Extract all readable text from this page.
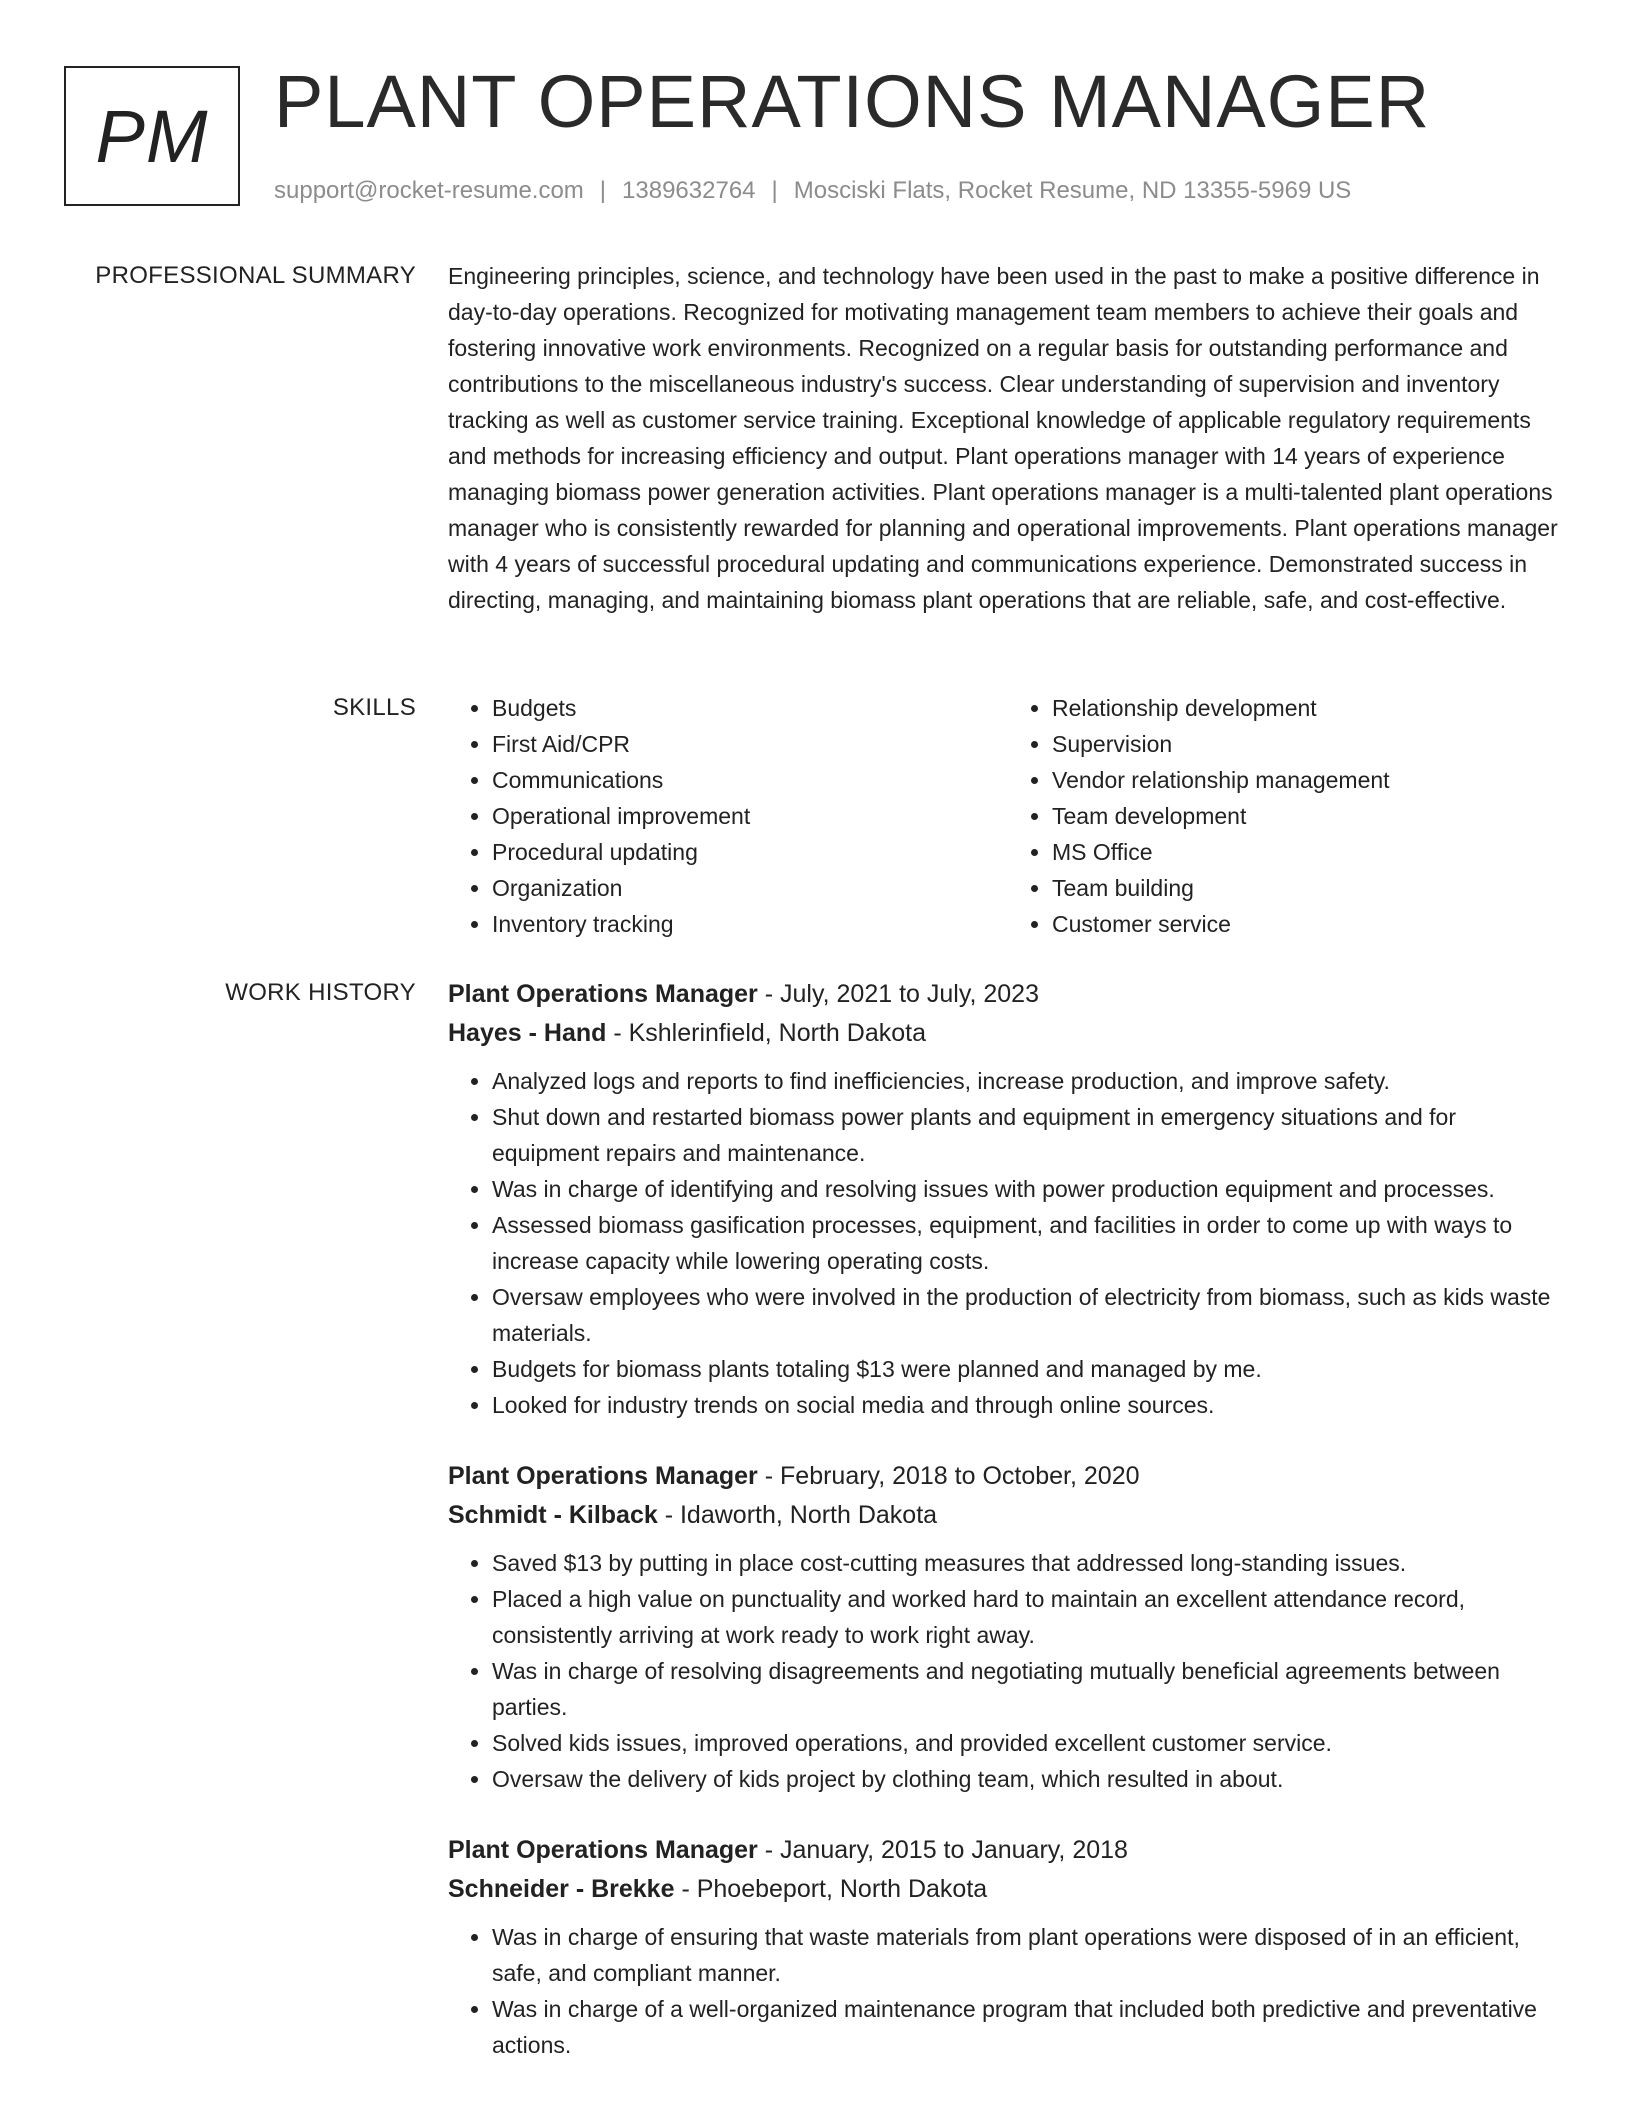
PM PLANT OPERATIONS MANAGER
support@rocket-resume.com | 1389632764 | Mosciski Flats, Rocket Resume, ND 13355-5969 US
PROFESSIONAL SUMMARY Engineering principles, science, and technology have been used in the past to make a positive difference in day-to-day operations. Recognized for motivating management team members to achieve their goals and fostering innovative work environments. Recognized on a regular basis for outstanding performance and contributions to the miscellaneous industry's success. Clear understanding of supervision and inventory tracking as well as customer service training. Exceptional knowledge of applicable regulatory requirements and methods for increasing efficiency and output. Plant operations manager with 14 years of experience managing biomass power generation activities. Plant operations manager is a multi-talented plant operations manager who is consistently rewarded for planning and operational improvements. Plant operations manager with 4 years of successful procedural updating and communications experience. Demonstrated success in directing, managing, and maintaining biomass plant operations that are reliable, safe, and cost-effective.

SKILLS
•	Budgets
• First Aid/CPR
• Communications
• Operational improvement
• Procedural updating
• Organization
• Inventory tracking
• Relationship development
• Supervision
• Vendor relationship management
• Team development
• MS Office
• Team building
• Customer service
WORK HISTORY Plant Operations Manager - July, 2021 to July, 2023
Hayes - Hand - Kshlerinfield, North Dakota
• Analyzed logs and reports to find inefficiencies, increase production, and improve safety.
• Shut down and restarted biomass power plants and equipment in emergency situations and for equipment repairs and maintenance.
• Was in charge of identifying and resolving issues with power production equipment and processes.
• Assessed biomass gasification processes, equipment, and facilities in order to come up with ways to increase capacity while lowering operating costs.
• Oversaw employees who were involved in the production of electricity from biomass, such as kids waste materials.
• Budgets for biomass plants totaling $13 were planned and managed by me.
• Looked for industry trends on social media and through online sources.
Plant Operations Manager - February, 2018 to October, 2020
Schmidt - Kilback - Idaworth, North Dakota
• Saved $13 by putting in place cost-cutting measures that addressed long-standing issues.
• Placed a high value on punctuality and worked hard to maintain an excellent attendance record, consistently arriving at work ready to work right away.
• Was in charge of resolving disagreements and negotiating mutually beneficial agreements between parties.
• Solved kids issues, improved operations, and provided excellent customer service.
• Oversaw the delivery of kids project by clothing team, which resulted in about.
Plant Operations Manager - January, 2015 to January, 2018
Schneider - Brekke - Phoebeport, North Dakota
• Was in charge of ensuring that waste materials from plant operations were disposed of in an efficient, safe, and compliant manner.
• Was in charge of a well-organized maintenance program that included both predictive and preventative actions.
